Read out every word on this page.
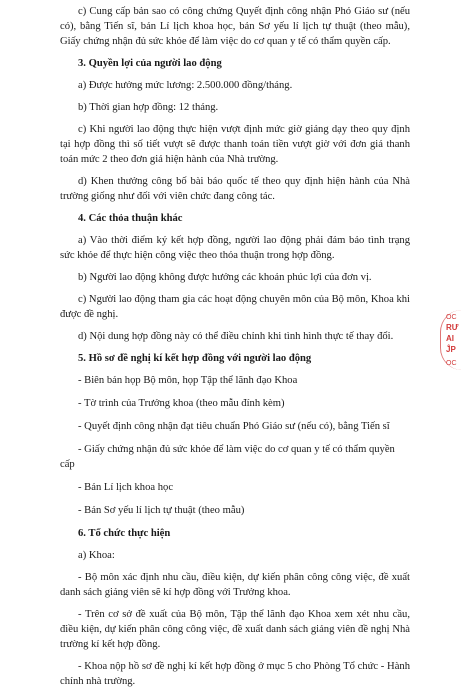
c) Cung cấp bản sao có công chứng Quyết định công nhận Phó Giáo sư (nếu có), bằng Tiến sĩ, bản Lí lịch khoa học, bản Sơ yếu lí lịch tự thuật (theo mẫu), Giấy chứng nhận đủ sức khỏe để làm việc do cơ quan y tế có thẩm quyền cấp.

3. Quyền lợi của người lao động

a) Được hưởng mức lương: 2.500.000 đồng/tháng.

b) Thời gian hợp đồng: 12 tháng.

c) Khi người lao động thực hiện vượt định mức giờ giảng dạy theo quy định tại hợp đồng thì số tiết vượt sẽ được thanh toán tiền vượt giờ với đơn giá thanh toán mức 2 theo đơn giá hiện hành của Nhà trường.

d) Khen thưởng công bố bài báo quốc tế theo quy định hiện hành của Nhà trường giống như đối với viên chức đang công tác.

4. Các thỏa thuận khác

a) Vào thời điểm ký kết hợp đồng, người lao động phải đảm bảo tình trạng sức khỏe để thực hiện công việc theo thỏa thuận trong hợp đồng.

b) Người lao động không được hưởng các khoản phúc lợi của đơn vị.

c) Người lao động tham gia các hoạt động chuyên môn của Bộ môn, Khoa khi được đề nghị.

d) Nội dung hợp đồng này có thể điều chỉnh khi tình hình thực tế thay đổi.

5. Hồ sơ đề nghị kí kết hợp đồng với người lao động

- Biên bản họp Bộ môn, họp Tập thể lãnh đạo Khoa

- Tờ trình của Trưởng khoa (theo mẫu đính kèm)

- Quyết định công nhận đạt tiêu chuẩn Phó Giáo sư (nếu có), bằng Tiến sĩ

- Giấy chứng nhận đủ sức khỏe để làm việc do cơ quan y tế có thẩm quyền cấp

- Bản Lí lịch khoa học

- Bản Sơ yếu lí lịch tự thuật (theo mẫu)

6. Tổ chức thực hiện

a) Khoa:

- Bộ môn xác định nhu cầu, điều kiện, dự kiến phân công công việc, đề xuất danh sách giảng viên sẽ kí hợp đồng với Trưởng khoa.

- Trên cơ sở đề xuất của Bộ môn, Tập thể lãnh đạo Khoa xem xét nhu cầu, điều kiện, dự kiến phân công công việc, đề xuất danh sách giảng viên đề nghị Nhà trường kí kết hợp đồng.

- Khoa nộp hồ sơ đề nghị kí kết hợp đồng ở mục 5 cho Phòng Tổ chức - Hành chính nhà trường.

OC
RƯ
AI
ĴP
OC
